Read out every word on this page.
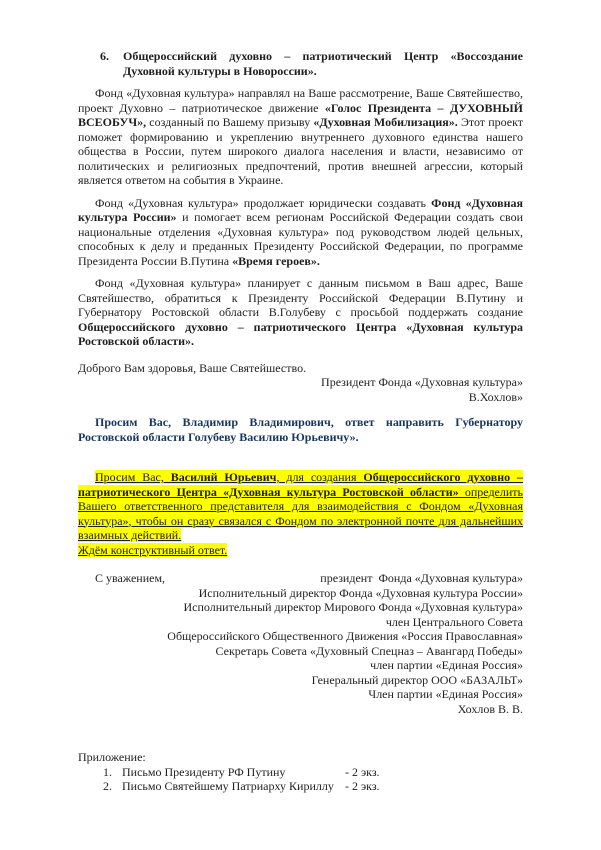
6.	Общероссийский духовно – патриотический Центр «Воссоздание Духовной культуры в Новороссии».

Фонд «Духовная культура» направлял на Ваше рассмотрение, Ваше Святейшество, проект Духовно – патриотическое движение «Голос Президента – ДУХОВНЫЙ ВСЕОБУЧ», созданный по Вашему призыву «Духовная Мобилизация». Этот проект поможет формированию и укреплению внутреннего духовного единства нашего общества в России, путем широкого диалога населения и власти, независимо от политических и религиозных предпочтений, против внешней агрессии, который является ответом на события в Украине.

Фонд «Духовная культура» продолжает юридически создавать Фонд «Духовная культура России» и помогает всем регионам Российской Федерации создать свои национальные отделения «Духовная культура» под руководством людей цельных, способных к делу и преданных Президенту Российской Федерации, по программе Президента России В.Путина «Время героев».

Фонд «Духовная культура» планирует с данным письмом в Ваш адрес, Ваше Святейшество, обратиться к Президенту Российской Федерации В.Путину и Губернатору Ростовской области В.Голубеву с просьбой поддержать создание Общероссийского духовно – патриотического Центра «Духовная культура Ростовской области».

Доброго Вам здоровья, Ваше Святейшество.

Президент Фонда «Духовная культура»
В.Хохлов»

Просим Вас, Владимир Владимирович, ответ направить Губернатору Ростовской области Голубеву Василию Юрьевичу».

Просим Вас, Василий Юрьевич, для создания Общероссийского духовно – патриотического Центра «Духовная культура Ростовской области» определить Вашего ответственного представителя для взаимодействия с Фондом «Духовная культура», чтобы он сразу связался с Фондом по электронной почте для дальнейших взаимных действий.

Ждём конструктивный ответ.

С уважением,	президент  Фонда «Духовная культура»
Исполнительный директор Фонда «Духовная культура России»
Исполнительный директор Мирового Фонда «Духовная культура»
член Центрального Совета
Общероссийского Общественного Движения «Россия Православная»
Секретарь Совета «Духовный Спецназ – Авангард Победы»
член партии «Единая Россия»
Генеральный директор ООО «БАЗАЛЬТ»
Член партии «Единая Россия»
Хохлов В. В.
Приложение:
1. Письмо Президенту РФ Путину	- 2 экз.
2. Письмо Святейшему Патриарху Кириллу - 2 экз.
